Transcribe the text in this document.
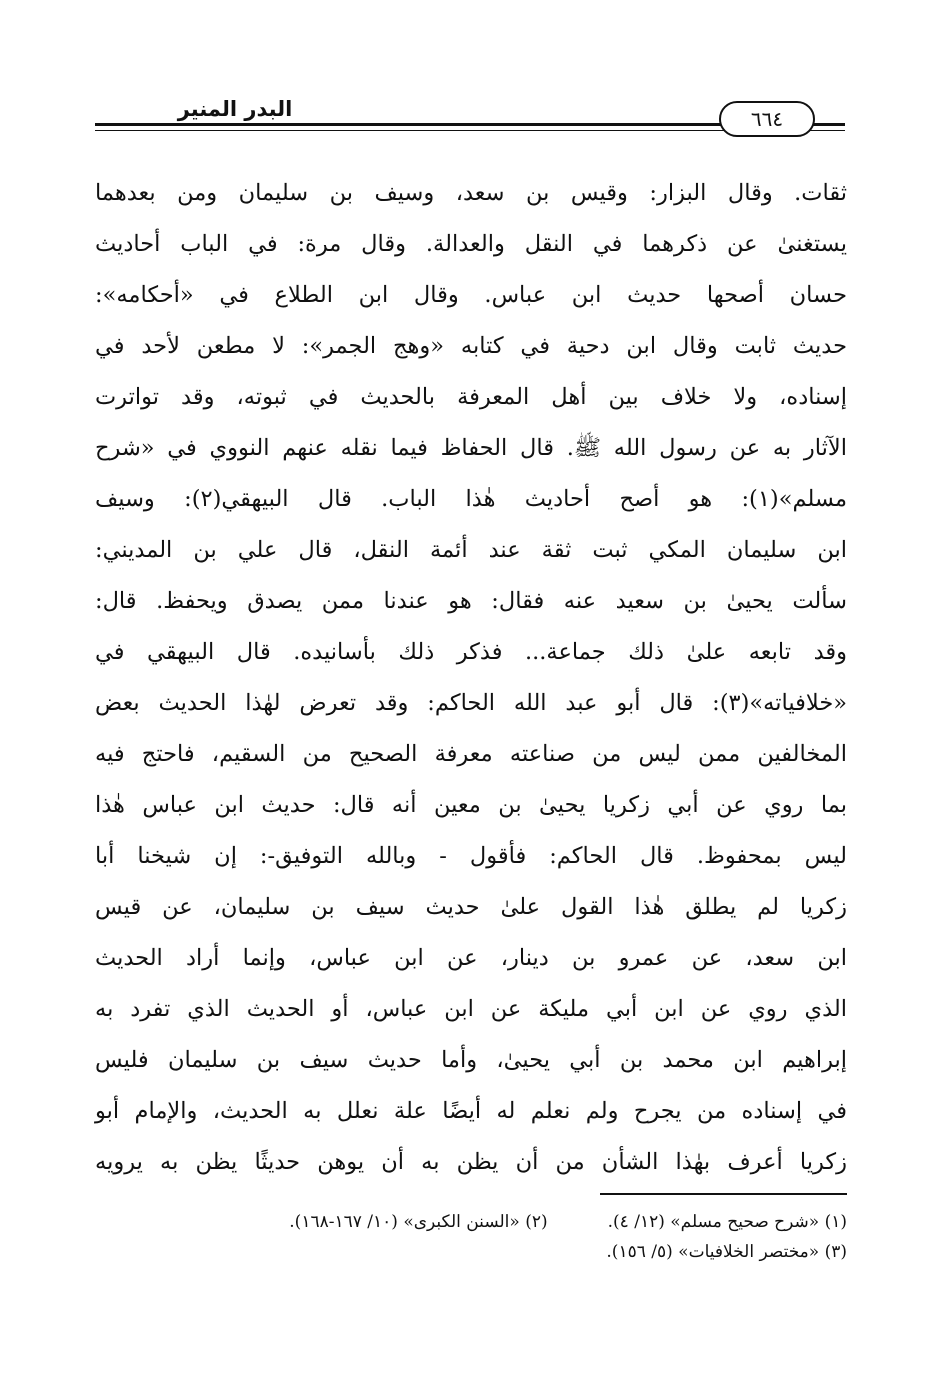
البدر المنير	٦٦٤
ثقات. وقال البزار: وقيس بن سعد، وسيف بن سليمان ومن بعدهما
يستغنىٰ عن ذكرهما في النقل والعدالة. وقال مرة: في الباب أحاديث
حسان أصحها حديث ابن عباس. وقال ابن الطلاع في «أحكامه»:
حديث ثابت وقال ابن دحية في كتابه «وهج الجمر»: لا مطعن لأحد في
إسناده، ولا خلاف بين أهل المعرفة بالحديث في ثبوته، وقد تواترت
الآثار به عن رسول الله ﷺ. قال الحفاظ فيما نقله عنهم النووي في «شرح
مسلم»(١): هو أصح أحاديث هٰذا الباب. قال البيهقي(٢): وسيف
ابن سليمان المكي ثبت ثقة عند أئمة النقل، قال علي بن المديني:
سألت يحيىٰ بن سعيد عنه فقال: هو عندنا ممن يصدق ويحفظ. قال:
وقد تابعه علىٰ ذلك جماعة... فذكر ذلك بأسانيده. قال البيهقي في
«خلافياته»(٣): قال أبو عبد الله الحاكم: وقد تعرض لهٰذا الحديث بعض
المخالفين ممن ليس من صناعته معرفة الصحيح من السقيم، فاحتج فيه
بما روي عن أبي زكريا يحيىٰ بن معين أنه قال: حديث ابن عباس هٰذا
ليس بمحفوظ. قال الحاكم: فأقول - وبالله التوفيق-: إن شيخنا أبا
زكريا لم يطلق هٰذا القول علىٰ حديث سيف بن سليمان، عن قيس
ابن سعد، عن عمرو بن دينار، عن ابن عباس، وإنما أراد الحديث
الذي روي عن ابن أبي مليكة عن ابن عباس، أو الحديث الذي تفرد به
إبراهيم ابن محمد بن أبي يحيىٰ، وأما حديث سيف بن سليمان فليس
في إسناده من يجرح ولم نعلم له أيضًا علة نعلل به الحديث، والإمام أبو
زكريا أعرف بهٰذا الشأن من أن يظن به أن يوهن حديثًا يظن به يرويه
(١) «شرح صحيح مسلم» (١٢/ ٤).
(٢) «السنن الكبرى» (١٠/ ١٦٧-١٦٨).
(٣) «مختصر الخلافيات» (٥/ ١٥٦).
